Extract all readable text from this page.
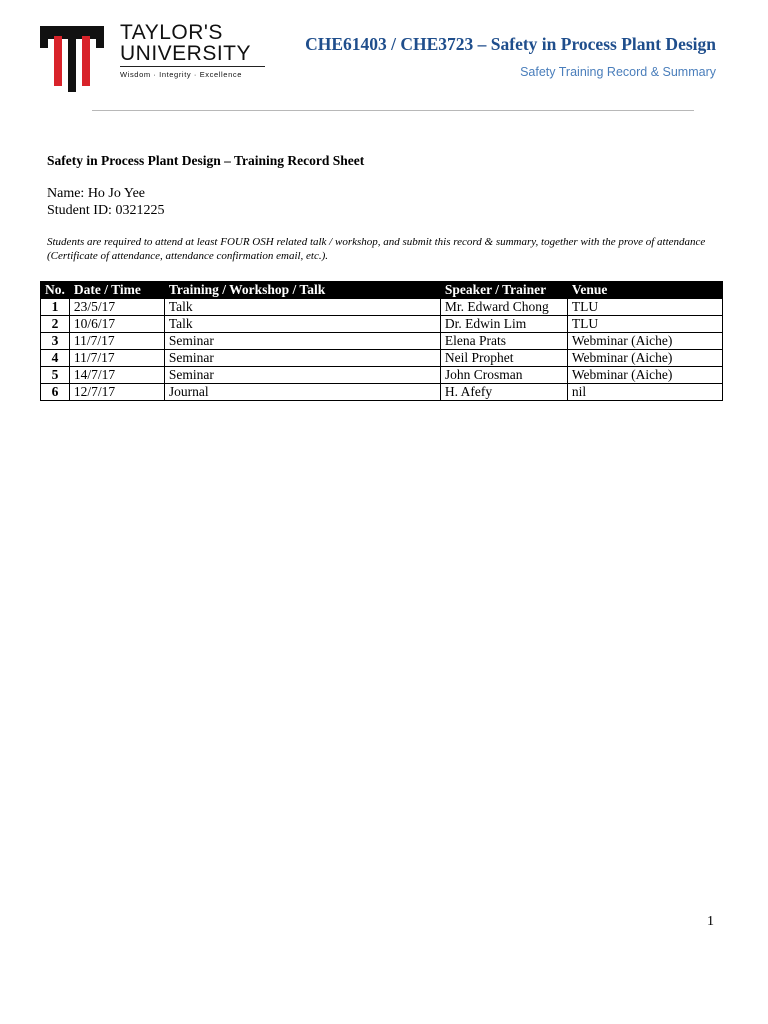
TAYLOR'S
UNIVERSITY
Wisdom · Integrity · Excellence
CHE61403 / CHE3723 – Safety in Process Plant Design
Safety Training Record & Summary
Safety in Process Plant Design – Training Record Sheet
Name: Ho Jo Yee
Student ID: 0321225
Students are required to attend at least FOUR OSH related talk / workshop, and submit this record & summary, together with the prove of attendance (Certificate of attendance, attendance confirmation email, etc.).
No.	Date / Time	Training / Workshop / Talk	Speaker / Trainer	Venue
1	23/5/17	Talk	Mr. Edward Chong	TLU
2	10/6/17	Talk	Dr. Edwin Lim	TLU
3	11/7/17	Seminar	Elena Prats	Webminar (Aiche)
4	11/7/17	Seminar	Neil Prophet	Webminar (Aiche)
5	14/7/17	Seminar	John Crosman	Webminar (Aiche)
6	12/7/17	Journal	H. Afefy	nil
1
